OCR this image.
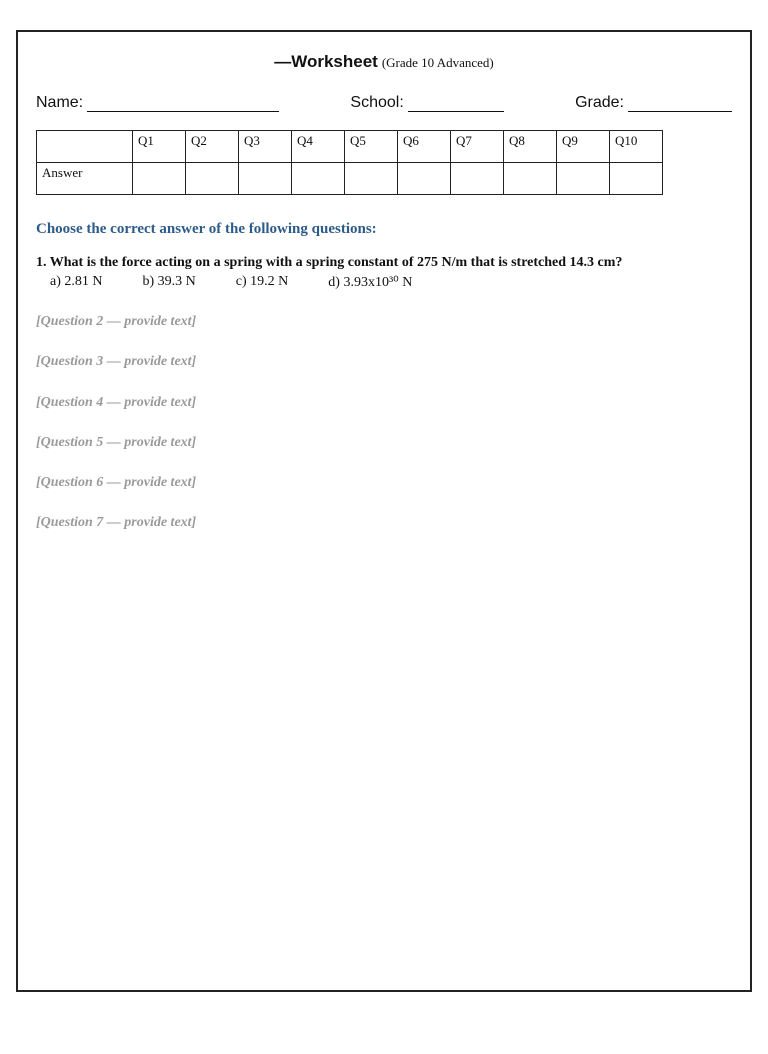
—Worksheet (Grade 10 Advanced)
Name:	School:	Grade:
	Q1	Q2	Q3	Q4	Q5	Q6	Q7	Q8	Q9	Q10
Answer										
Choose the correct answer of the following questions:
1. What is the force acting on a spring with a spring constant of 275 N/m that is stretched 14.3 cm?
a) 2.81 N	b) 39.3 N	c) 19.2 N	d) 3.93x10³⁰ N
[Question 2 — provide text]
[Question 3 — provide text]
[Question 4 — provide text]
[Question 5 — provide text]
[Question 6 — provide text]
[Question 7 — provide text]
